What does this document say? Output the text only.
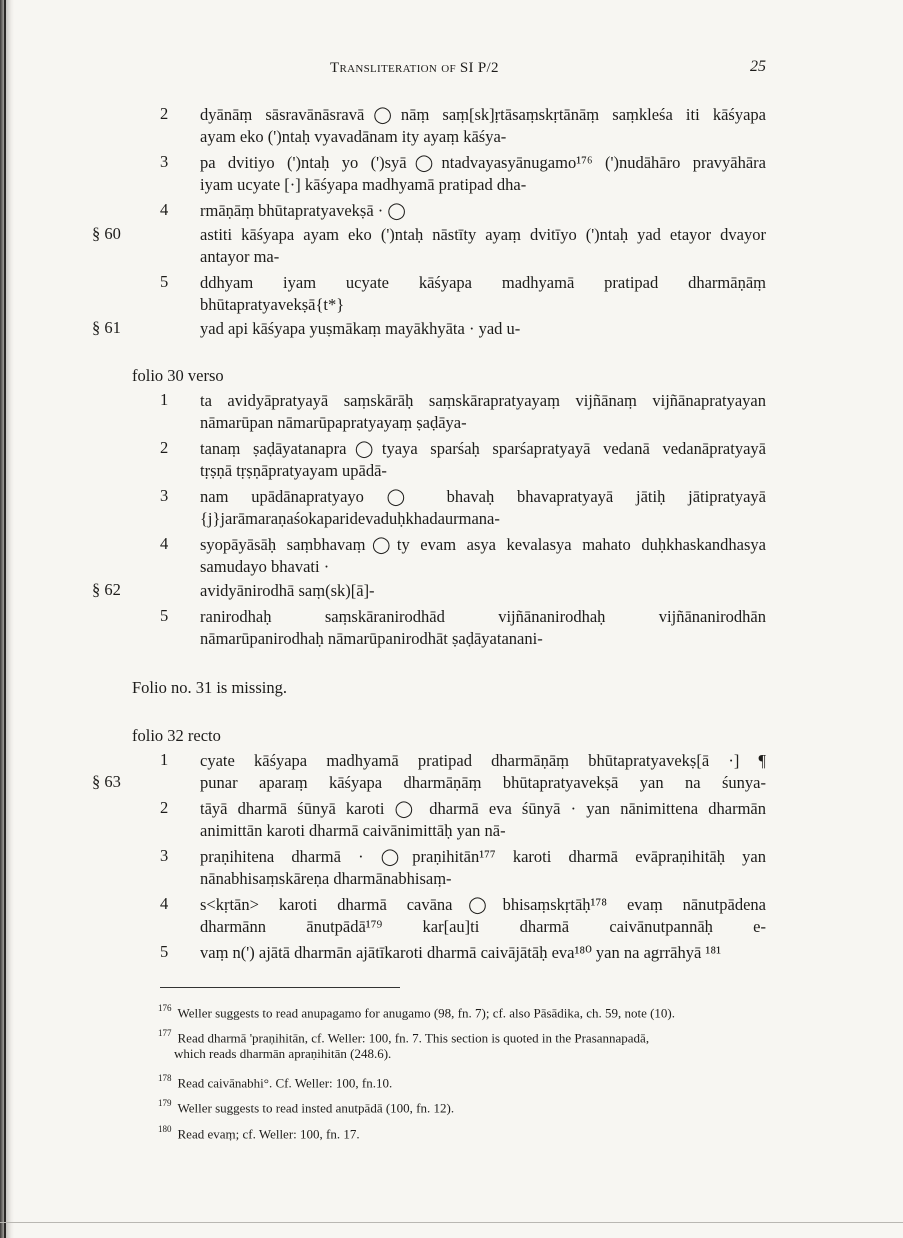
Transliteration of SI P/2	25
2	dyānāṃ sāsravānāsravā◯nāṃ saṃ[sk]ṛtāsaṃskṛtānāṃ saṃkleśa iti kāśyapa
ayam eko (')ntaḥ vyavadānam ity ayaṃ kāśya-
3	pa dvitiyo (')ntaḥ yo (')syā◯ntadvayasyānugamo¹⁷⁶ (')nudāhāro pravyāhāra
iyam ucyate [·] kāśyapa madhyamā pratipad dha-
4	rmāṇāṃ bhūtapratyavekṣā · ◯
§ 60	astiti kāśyapa ayam eko (')ntaḥ nāstīty ayaṃ dvitīyo (')ntaḥ yad etayor dvayor
antayor ma-
5	ddhyam iyam ucyate kāśyapa madhyamā pratipad dharmāṇāṃ
bhūtapratyavekṣā{t*}
§ 61	yad api kāśyapa yuṣmākaṃ mayākhyāta · yad u-
folio 30 verso
1	ta avidyāpratyayā saṃskārāḥ saṃskārapratyayaṃ vijñānaṃ vijñānapratyayan
nāmarūpan nāmarūpapratyayaṃ ṣaḍāya-
2	tanaṃ ṣaḍāyatanapra◯tyaya sparśaḥ sparśapratyayā vedanā vedanāpratyayā
tṛṣṇā tṛṣṇāpratyayam upādā-
3	nam upādānapratyayo ◯ bhavaḥ bhavapratyayā jātiḥ jātipratyayā
{j}jarāmaraṇaśokaparidevaduḥkhadaurmana-
4	syopāyāsāḥ saṃbhavaṃ◯ty evam asya kevalasya mahato duḥkhaskandhasya
samudayo bhavati ·
§ 62	avidyānirodhā saṃ(sk)[ā]-
5	ranirodhaḥ saṃskāranirodhād vijñānanirodhaḥ vijñānanirodhān
nāmarūpanirodhaḥ nāmarūpanirodhāt ṣaḍāyatanani-
Folio no. 31 is missing.
folio 32 recto
1	cyate kāśyapa madhyamā pratipad dharmāṇāṃ bhūtapratyavekṣ[ā ·] ¶
§ 63	punar aparaṃ kāśyapa dharmāṇāṃ bhūtapratyavekṣā yan na śunya-
2	tāyā dharmā śūnyā karoti ◯ dharmā eva śūnyā · yan nānimittena dharmān
animittān karoti dharmā caivānimittāḥ yan nā-
3	praṇihitena dharmā · ◯praṇihitān¹⁷⁷ karoti dharmā evāpraṇihitāḥ yan
nānabhisaṃskāreṇa dharmānabhisaṃ-
4	s<kṛtān> karoti dharmā cavāna◯bhisaṃskṛtāḥ¹⁷⁸ evaṃ nānutpādena
dharmānn ānutpādā¹⁷⁹ kar[au]ti dharmā caivānutpannāḥ e-
5	vaṃ n(') ajātā dharmān ajātīkaroti dharmā caivājātāḥ eva¹⁸⁰ yan na agrrāhyā ¹⁸¹
$^{176}$ Weller suggests to read anupagamo for anugamo (98, fn. 7); cf. also Pāsādika, ch. 59, note (10).
$^{177}$ Read dharmā 'praṇihitān, cf. Weller: 100, fn. 7. This section is quoted in the Prasannapadā,
which reads dharmān apraṇihitān (248.6).
$^{178}$ Read caivānabhi°. Cf. Weller: 100, fn.10.
$^{179}$ Weller suggests to read insted anutpādā (100, fn. 12).
$^{180}$ Read evaṃ; cf. Weller: 100, fn. 17.
